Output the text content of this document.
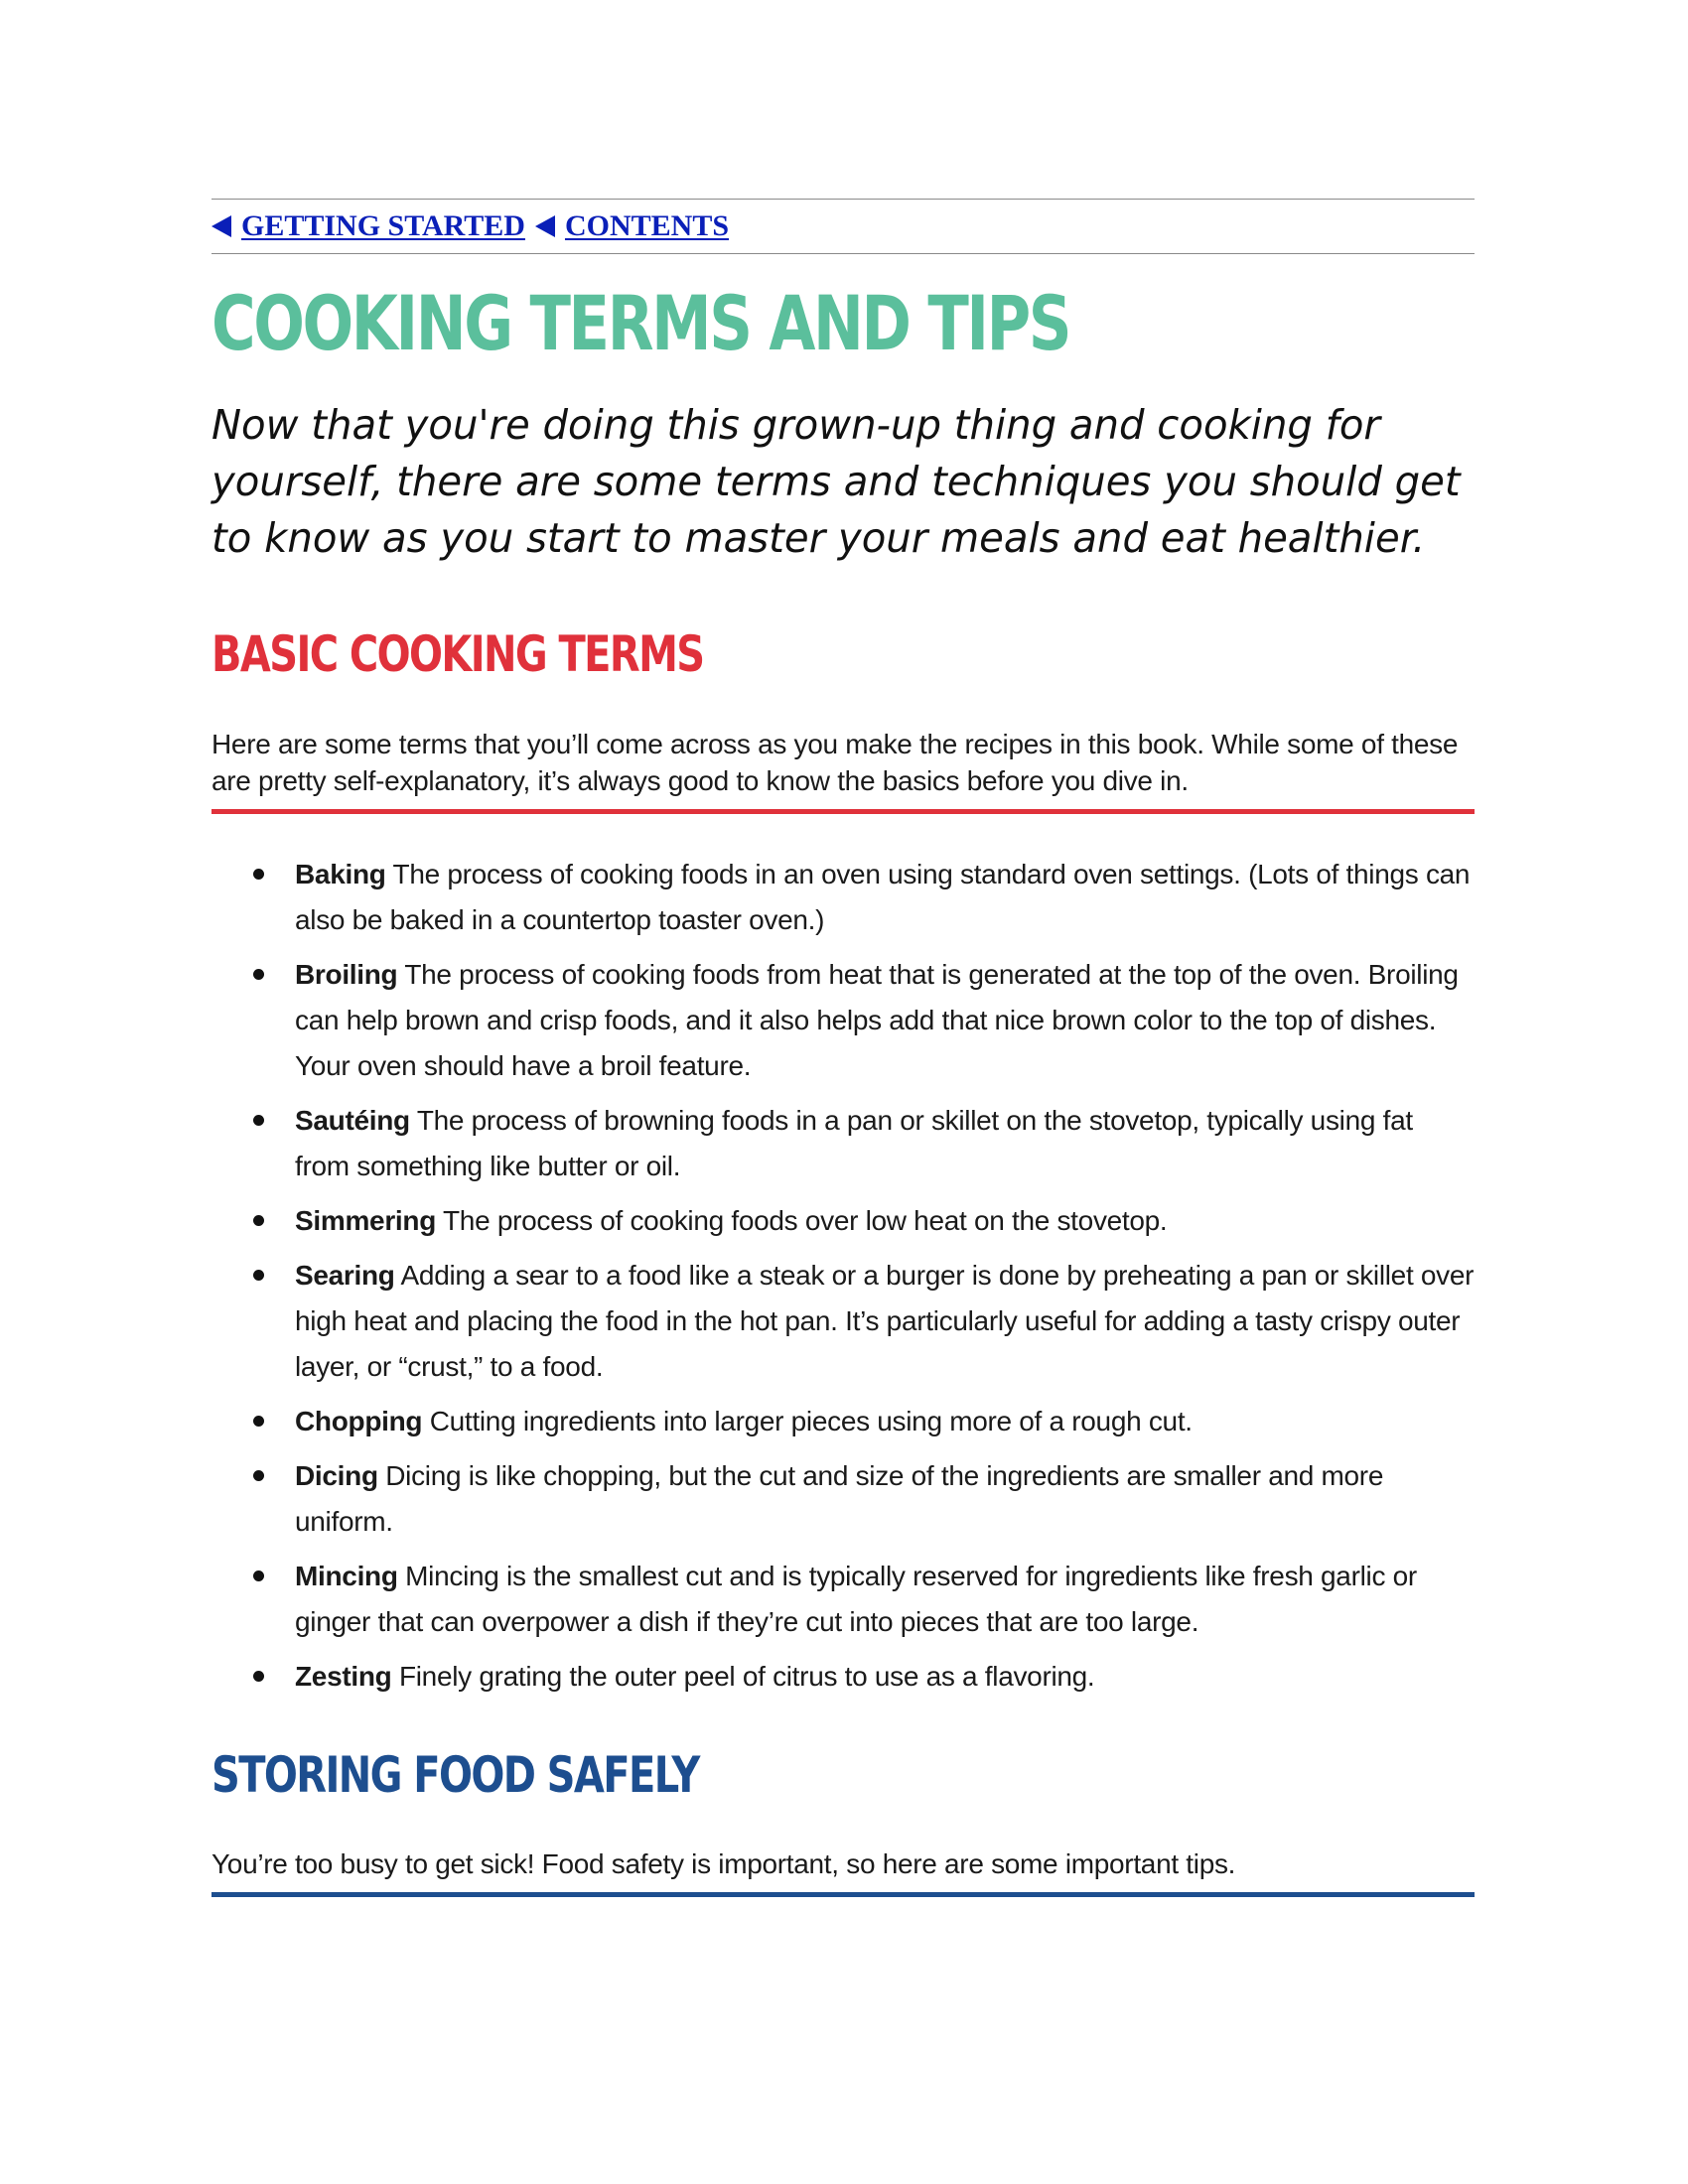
GETTING STARTED CONTENTS
COOKING TERMS AND TIPS

Now that you're doing this grown-up thing and cooking for yourself, there are some terms and techniques you should get to know as you start to master your meals and eat healthier.

BASIC COOKING TERMS
Here are some terms that you’ll come across as you make the recipes in this book. While some of these are pretty self-explanatory, it’s always good to know the basics before you dive in.
Baking The process of cooking foods in an oven using standard oven settings. (Lots of things can also be baked in a countertop toaster oven.)
Broiling The process of cooking foods from heat that is generated at the top of the oven. Broiling can help brown and crisp foods, and it also helps add that nice brown color to the top of dishes. Your oven should have a broil feature.
Sautéing The process of browning foods in a pan or skillet on the stovetop, typically using fat from something like butter or oil.
Simmering The process of cooking foods over low heat on the stovetop.
Searing Adding a sear to a food like a steak or a burger is done by preheating a pan or skillet over high heat and placing the food in the hot pan. It’s particularly useful for adding a tasty crispy outer layer, or “crust,” to a food.
Chopping Cutting ingredients into larger pieces using more of a rough cut.
Dicing Dicing is like chopping, but the cut and size of the ingredients are smaller and more uniform.
Mincing Mincing is the smallest cut and is typically reserved for ingredients like fresh garlic or ginger that can overpower a dish if they’re cut into pieces that are too large.
Zesting Finely grating the outer peel of citrus to use as a flavoring.
STORING FOOD SAFELY
You’re too busy to get sick! Food safety is important, so here are some important tips.
